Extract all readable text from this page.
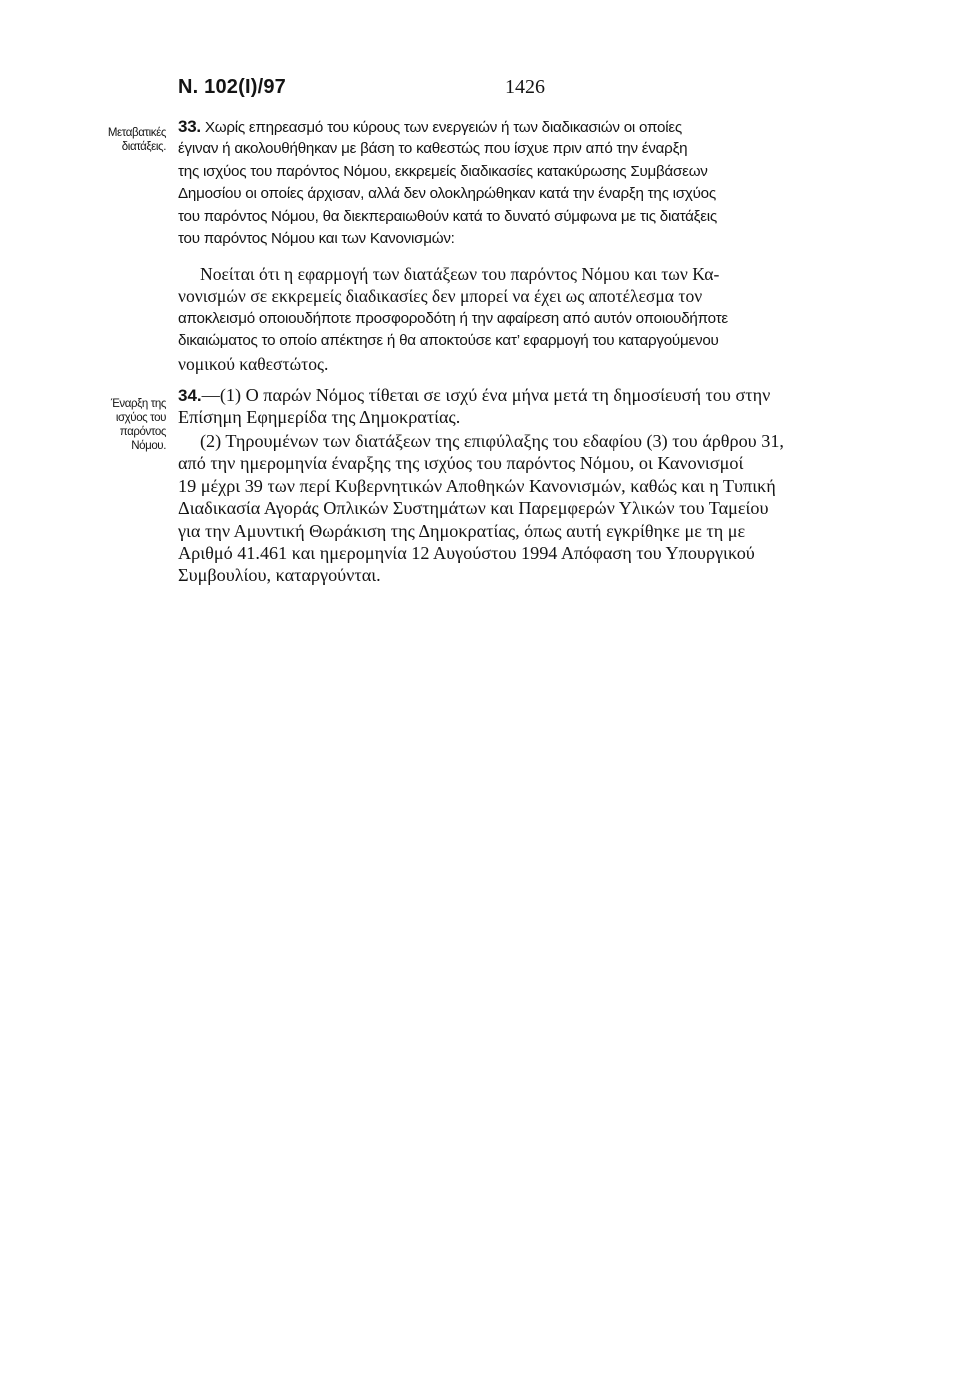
Ν. 102(Ι)/97	1426
Μεταβατικές
διατάξεις.
Έναρξη της
ισχύος του
παρόντος
Νόμου.
33. Χωρίς επηρεασμό του κύρους των ενεργειών ή των διαδικασιών οι οποίες
έγιναν ή ακολουθήθηκαν με βάση το καθεστώς που ίσχυε πριν από την έναρξη
της ισχύος του παρόντος Νόμου, εκκρεμείς διαδικασίες κατακύρωσης Συμβάσεων
Δημοσίου οι οποίες άρχισαν, αλλά δεν ολοκληρώθηκαν κατά την έναρξη της ισχύος
του παρόντος Νόμου, θα διεκπεραιωθούν κατά το δυνατό σύμφωνα με τις διατάξεις
του παρόντος Νόμου και των Κανονισμών:
Νοείται ότι η εφαρμογή των διατάξεων του παρόντος Νόμου και των Κα-
νονισμών σε εκκρεμείς διαδικασίες δεν μπορεί να έχει ως αποτέλεσμα τον
αποκλεισμό οποιουδήποτε προσφοροδότη ή την αφαίρεση από αυτόν οποιουδήποτε
δικαιώματος το οποίο απέκτησε ή θα αποκτούσε κατ’ εφαρμογή του καταργούμενου
νομικού καθεστώτος.
34.—(1) Ο παρών Νόμος τίθεται σε ισχύ ένα μήνα μετά τη δημοσίευσή του στην
Επίσημη Εφημερίδα της Δημοκρατίας.
(2) Τηρουμένων των διατάξεων της επιφύλαξης του εδαφίου (3) του άρθρου 31,
από την ημερομηνία έναρξης της ισχύος του παρόντος Νόμου, οι Κανονισμοί
19 μέχρι 39 των περί Κυβερνητικών Αποθηκών Κανονισμών, καθώς και η Τυπική
Διαδικασία Αγοράς Οπλικών Συστημάτων και Παρεμφερών Υλικών του Ταμείου
για την Αμυντική Θωράκιση της Δημοκρατίας, όπως αυτή εγκρίθηκε με τη με
Αριθμό 41.461 και ημερομηνία 12 Αυγούστου 1994 Απόφαση του Υπουργικού
Συμβουλίου, καταργούνται.
